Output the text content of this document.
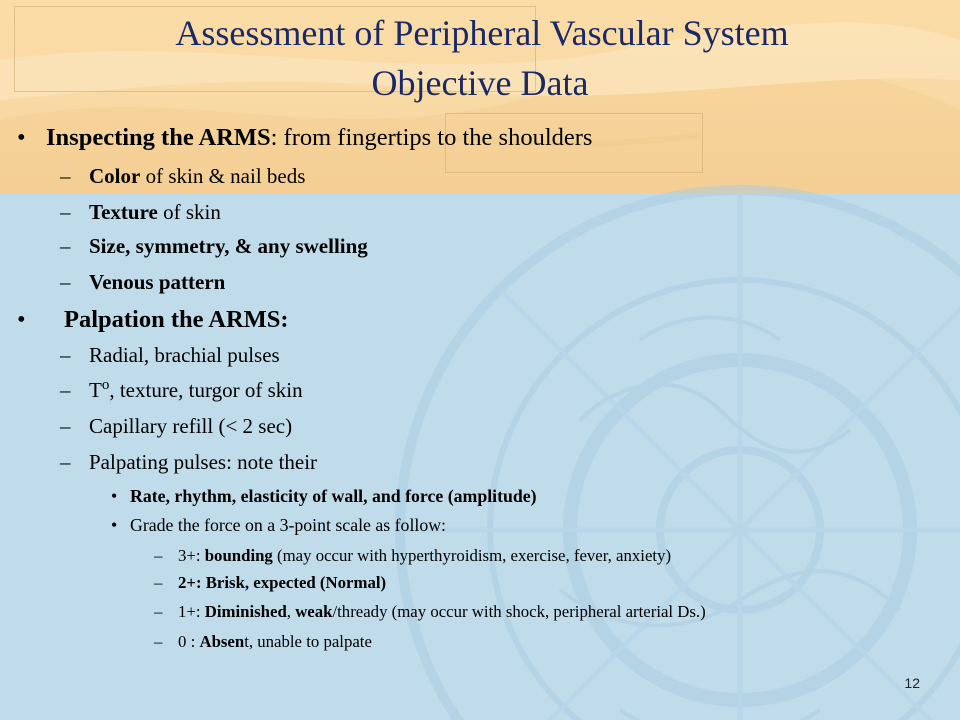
Assessment of Peripheral Vascular System
Objective Data
• Inspecting the ARMS: from fingertips to the shoulders
– Color of skin & nail beds
– Texture of skin
– Size, symmetry, & any swelling
– Venous pattern
• Palpation the ARMS:
– Radial, brachial pulses
– $T^o$, texture, turgor of skin
– Capillary refill (< 2 sec)
– Palpating pulses: note their
• Rate, rhythm, elasticity of wall, and force (amplitude)
• Grade the force on a 3-point scale as follow:
– 3+: bounding (may occur with hyperthyroidism, exercise, fever, anxiety)
– 2+: Brisk, expected (Normal)
– 1+: Diminished, weak/thready (may occur with shock, peripheral arterial Ds.)
– 0 : Absent, unable to palpate
12
